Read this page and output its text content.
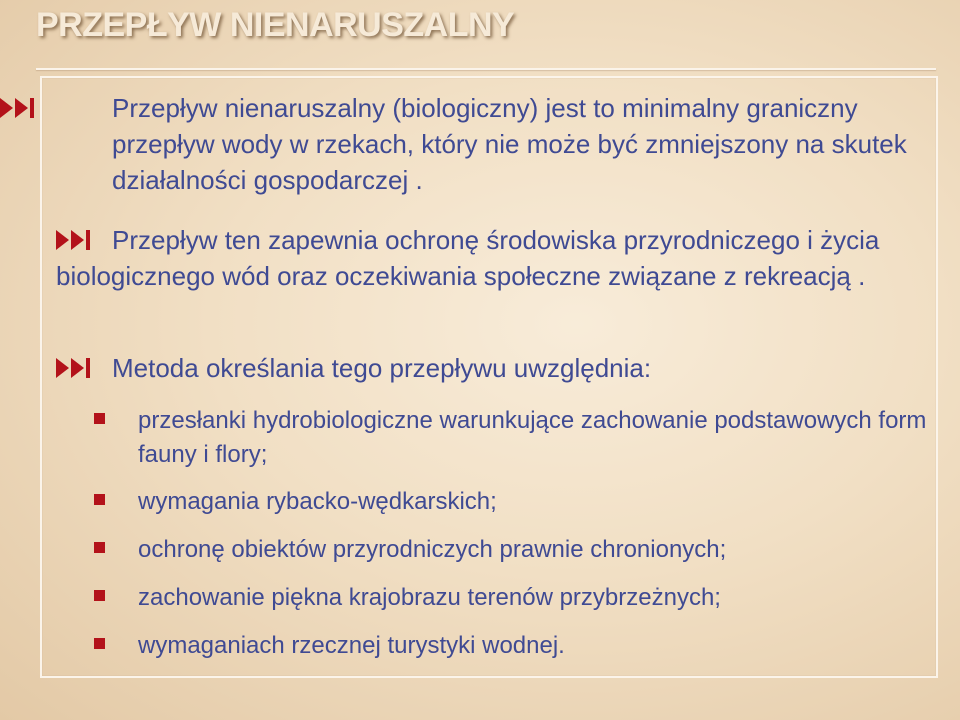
PRZEPŁYW NIENARUSZALNY

Przepływ nienaruszalny (biologiczny) jest to minimalny graniczny przepływ wody w rzekach, który nie może być zmniejszony na skutek działalności gospodarczej .

Przepływ ten zapewnia ochronę środowiska przyrodniczego i życia biologicznego wód oraz oczekiwania społeczne związane z rekreacją .

Metoda określania tego przepływu uwzględnia:

przesłanki hydrobiologiczne warunkujące zachowanie podstawowych form fauny i flory;

wymagania rybacko-wędkarskich;

ochronę obiektów przyrodniczych prawnie chronionych;

zachowanie piękna krajobrazu terenów przybrzeżnych;

wymaganiach rzecznej turystyki wodnej.
